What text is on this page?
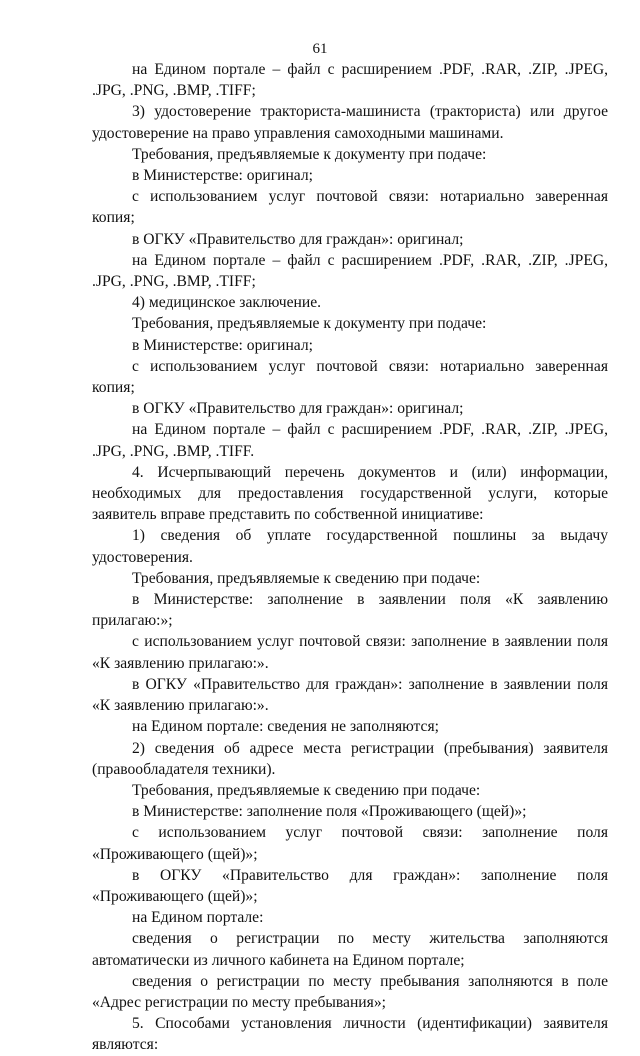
61

на Едином портале – файл с расширением .PDF, .RAR, .ZIP, .JPEG, .JPG, .PNG, .BMP, .TIFF;

3) удостоверение тракториста-машиниста (тракториста) или другое удостоверение на право управления самоходными машинами.

Требования, предъявляемые к документу при подаче:

в Министерстве: оригинал;

с использованием услуг почтовой связи: нотариально заверенная копия;

в ОГКУ «Правительство для граждан»: оригинал;

на Едином портале – файл с расширением .PDF, .RAR, .ZIP, .JPEG, .JPG, .PNG, .BMP, .TIFF;

4) медицинское заключение.

Требования, предъявляемые к документу при подаче:

в Министерстве: оригинал;

с использованием услуг почтовой связи: нотариально заверенная копия;

в ОГКУ «Правительство для граждан»: оригинал;

на Едином портале – файл с расширением .PDF, .RAR, .ZIP, .JPEG, .JPG, .PNG, .BMP, .TIFF.

4. Исчерпывающий перечень документов и (или) информации, необходимых для предоставления государственной услуги, которые заявитель вправе представить по собственной инициативе:

1) сведения об уплате государственной пошлины за выдачу удостоверения.

Требования, предъявляемые к сведению при подаче:

в Министерстве: заполнение в заявлении поля «К заявлению прилагаю:»;

с использованием услуг почтовой связи: заполнение в заявлении поля «К заявлению прилагаю:».

в ОГКУ «Правительство для граждан»: заполнение в заявлении поля «К заявлению прилагаю:».

на Едином портале: сведения не заполняются;

2) сведения об адресе места регистрации (пребывания) заявителя (правообладателя техники).

Требования, предъявляемые к сведению при подаче:

в Министерстве: заполнение поля «Проживающего (щей)»;

с использованием услуг почтовой связи: заполнение поля «Проживающего (щей)»;

в ОГКУ «Правительство для граждан»: заполнение поля «Проживающего (щей)»;

на Едином портале:

сведения о регистрации по месту жительства заполняются автоматически из личного кабинета на Едином портале;

сведения о регистрации по месту пребывания заполняются в поле «Адрес регистрации по месту пребывания»;

5. Способами установления личности (идентификации) заявителя являются:
